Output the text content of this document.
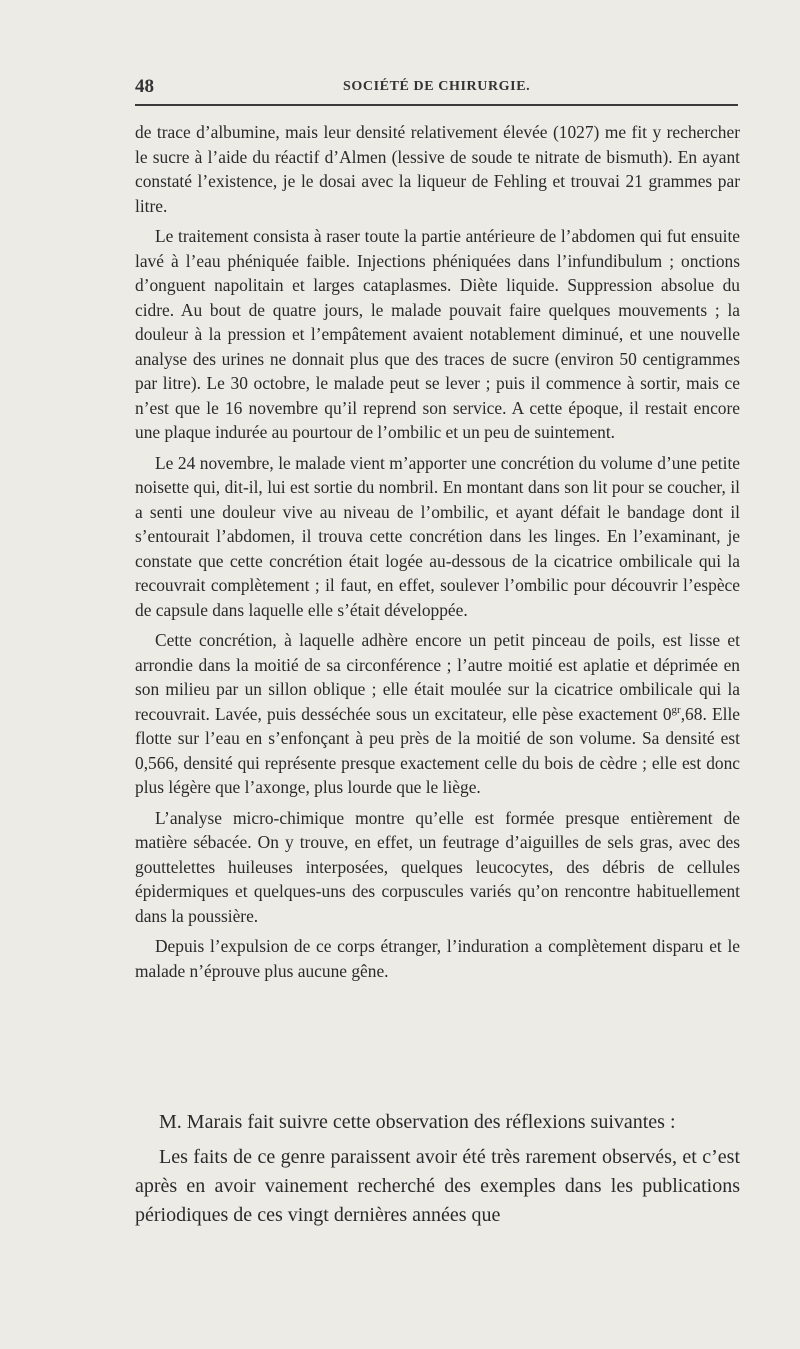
48	SOCIÉTÉ DE CHIRURGIE.

de trace d’albumine, mais leur densité relativement élevée (1027) me fit y rechercher le sucre à l’aide du réactif d’Almen (lessive de soude te nitrate de bismuth). En ayant constaté l’existence, je le dosai avec la liqueur de Fehling et trouvai 21 grammes par litre.

Le traitement consista à raser toute la partie antérieure de l’abdomen qui fut ensuite lavé à l’eau phéniquée faible. Injections phéniquées dans l’infundibulum ; onctions d’onguent napolitain et larges cataplasmes. Diète liquide. Suppression absolue du cidre. Au bout de quatre jours, le malade pouvait faire quelques mouvements ; la douleur à la pression et l’empâtement avaient notablement diminué, et une nouvelle analyse des urines ne donnait plus que des traces de sucre (environ 50 centigrammes par litre). Le 30 octobre, le malade peut se lever ; puis il commence à sortir, mais ce n’est que le 16 novembre qu’il reprend son service. A cette époque, il restait encore une plaque indurée au pourtour de l’ombilic et un peu de suintement.

Le 24 novembre, le malade vient m’apporter une concrétion du volume d’une petite noisette qui, dit-il, lui est sortie du nombril. En montant dans son lit pour se coucher, il a senti une douleur vive au niveau de l’ombilic, et ayant défait le bandage dont il s’entourait l’abdomen, il trouva cette concrétion dans les linges. En l’examinant, je constate que cette concrétion était logée au-dessous de la cicatrice ombilicale qui la recouvrait complètement ; il faut, en effet, soulever l’ombilic pour découvrir l’espèce de capsule dans laquelle elle s’était développée.

Cette concrétion, à laquelle adhère encore un petit pinceau de poils, est lisse et arrondie dans la moitié de sa circonférence ; l’autre moitié est aplatie et déprimée en son milieu par un sillon oblique ; elle était moulée sur la cicatrice ombilicale qui la recouvrait. Lavée, puis desséchée sous un excitateur, elle pèse exactement $0^{gr},68$. Elle flotte sur l’eau en s’enfonçant à peu près de la moitié de son volume. Sa densité est 0,566, densité qui représente presque exactement celle du bois de cèdre ; elle est donc plus légère que l’axonge, plus lourde que le liège.

L’analyse micro-chimique montre qu’elle est formée presque entièrement de matière sébacée. On y trouve, en effet, un feutrage d’aiguilles de sels gras, avec des gouttelettes huileuses interposées, quelques leucocytes, des débris de cellules épidermiques et quelques-uns des corpuscules variés qu’on rencontre habituellement dans la poussière.

Depuis l’expulsion de ce corps étranger, l’induration a complètement disparu et le malade n’éprouve plus aucune gêne.

M. Marais fait suivre cette observation des réflexions suivantes :

Les faits de ce genre paraissent avoir été très rarement observés, et c’est après en avoir vainement recherché des exemples dans les publications périodiques de ces vingt dernières années que
